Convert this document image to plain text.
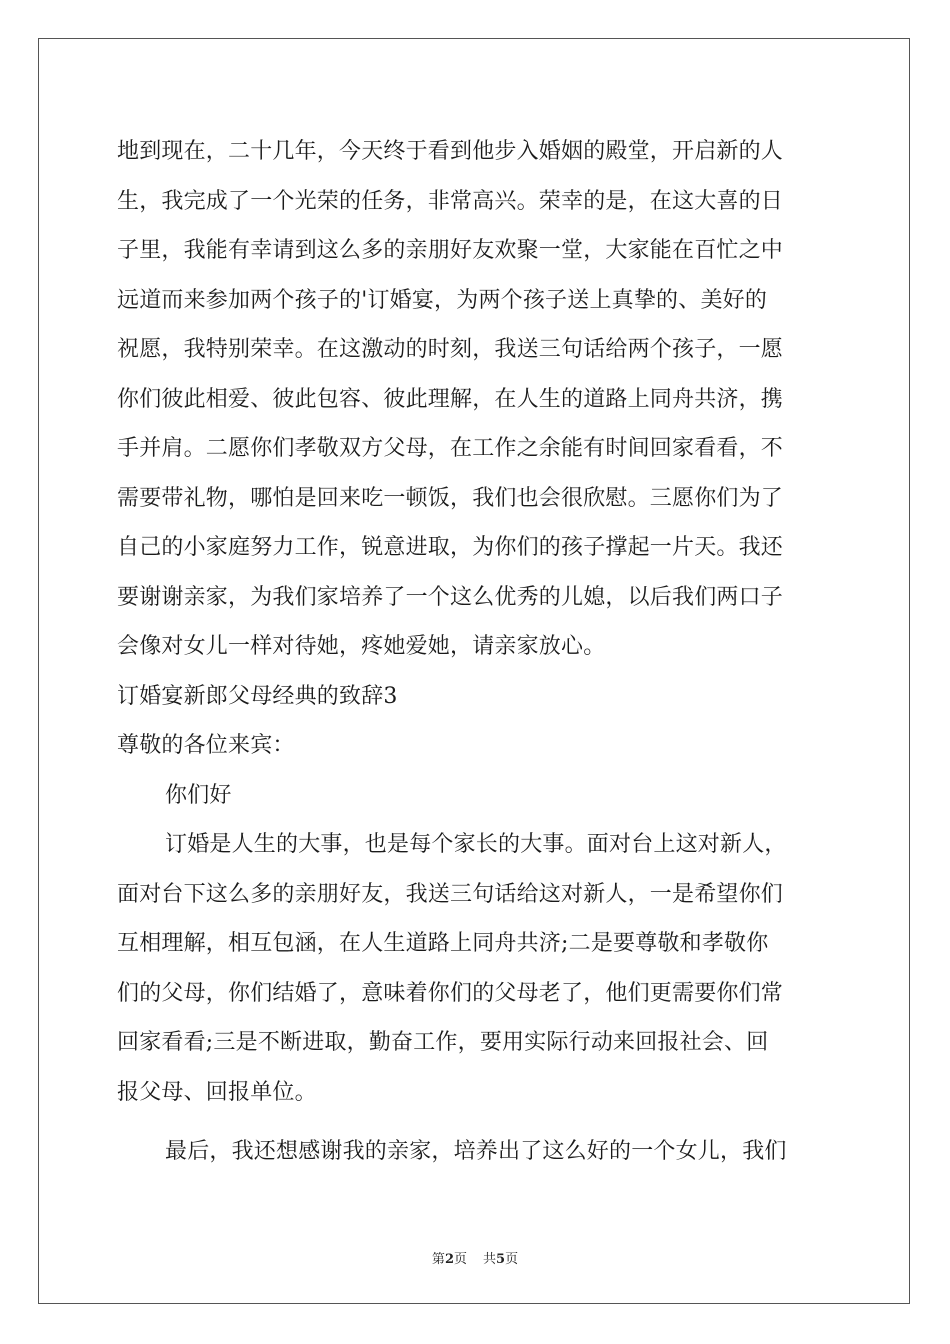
地到现在，二十几年，今天终于看到他步入婚姻的殿堂，开启新的人
生，我完成了一个光荣的任务，非常高兴。荣幸的是，在这大喜的日
子里，我能有幸请到这么多的亲朋好友欢聚一堂，大家能在百忙之中
远道而来参加两个孩子的'订婚宴，为两个孩子送上真挚的、美好的
祝愿，我特别荣幸。在这激动的时刻，我送三句话给两个孩子，一愿
你们彼此相爱、彼此包容、彼此理解，在人生的道路上同舟共济，携
手并肩。二愿你们孝敬双方父母，在工作之余能有时间回家看看，不
需要带礼物，哪怕是回来吃一顿饭，我们也会很欣慰。三愿你们为了
自己的小家庭努力工作，锐意进取，为你们的孩子撑起一片天。我还
要谢谢亲家，为我们家培养了一个这么优秀的儿媳，以后我们两口子
会像对女儿一样对待她，疼她爱她，请亲家放心。
订婚宴新郎父母经典的致辞3
尊敬的各位来宾：
你们好
订婚是人生的大事，也是每个家长的大事。面对台上这对新人，
面对台下这么多的亲朋好友，我送三句话给这对新人，一是希望你们
互相理解，相互包涵，在人生道路上同舟共济;二是要尊敬和孝敬你
们的父母，你们结婚了，意味着你们的父母老了，他们更需要你们常
回家看看;三是不断进取，勤奋工作，要用实际行动来回报社会、回
报父母、回报单位。
最后，我还想感谢我的亲家，培养出了这么好的一个女儿，我们
第2页 共5页
